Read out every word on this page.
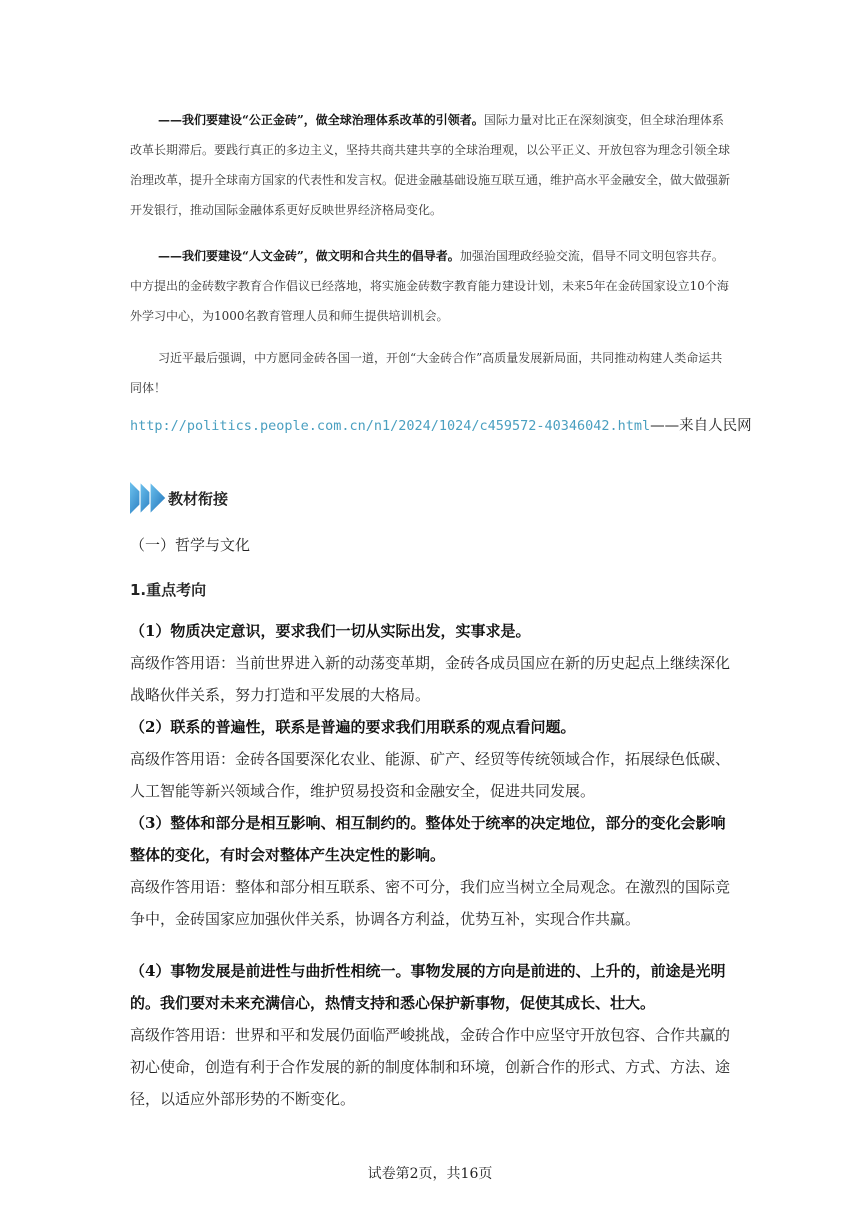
——我们要建设“公正金砖”，做全球治理体系改革的引领者。国际力量对比正在深刻演变，但全球治理体系改革长期滞后。要践行真正的多边主义，坚持共商共建共享的全球治理观，以公平正义、开放包容为理念引领全球治理改革，提升全球南方国家的代表性和发言权。促进金融基础设施互联互通，维护高水平金融安全，做大做强新开发银行，推动国际金融体系更好反映世界经济格局变化。
——我们要建设“人文金砖”，做文明和合共生的倡导者。加强治国理政经验交流，倡导不同文明包容共存。中方提出的金砖数字教育合作倡议已经落地，将实施金砖数字教育能力建设计划，未来5年在金砖国家设立10个海外学习中心，为1000名教育管理人员和师生提供培训机会。
习近平最后强调，中方愿同金砖各国一道，开创“大金砖合作”高质量发展新局面，共同推动构建人类命运共同体！
http://politics.people.com.cn/n1/2024/1024/c459572-40346042.html——来自人民网
教材衔接
（一）哲学与文化
1.重点考向
（1）物质决定意识，要求我们一切从实际出发，实事求是。
高级作答用语：当前世界进入新的动荡变革期，金砖各成员国应在新的历史起点上继续深化战略伙伴关系，努力打造和平发展的大格局。
（2）联系的普遍性，联系是普遍的要求我们用联系的观点看问题。
高级作答用语：金砖各国要深化农业、能源、矿产、经贸等传统领域合作，拓展绿色低碳、人工智能等新兴领域合作，维护贸易投资和金融安全，促进共同发展。
（3）整体和部分是相互影响、相互制约的。整体处于统率的决定地位，部分的变化会影响整体的变化，有时会对整体产生决定性的影响。
高级作答用语：整体和部分相互联系、密不可分，我们应当树立全局观念。在激烈的国际竞争中，金砖国家应加强伙伴关系，协调各方利益，优势互补，实现合作共赢。
（4）事物发展是前进性与曲折性相统一。事物发展的方向是前进的、上升的，前途是光明的。我们要对未来充满信心，热情支持和悉心保护新事物，促使其成长、壮大。
高级作答用语：世界和平和发展仍面临严峻挑战，金砖合作中应坚守开放包容、合作共赢的初心使命，创造有利于合作发展的新的制度体制和环境，创新合作的形式、方式、方法、途径，以适应外部形势的不断变化。
试卷第2页，共16页
